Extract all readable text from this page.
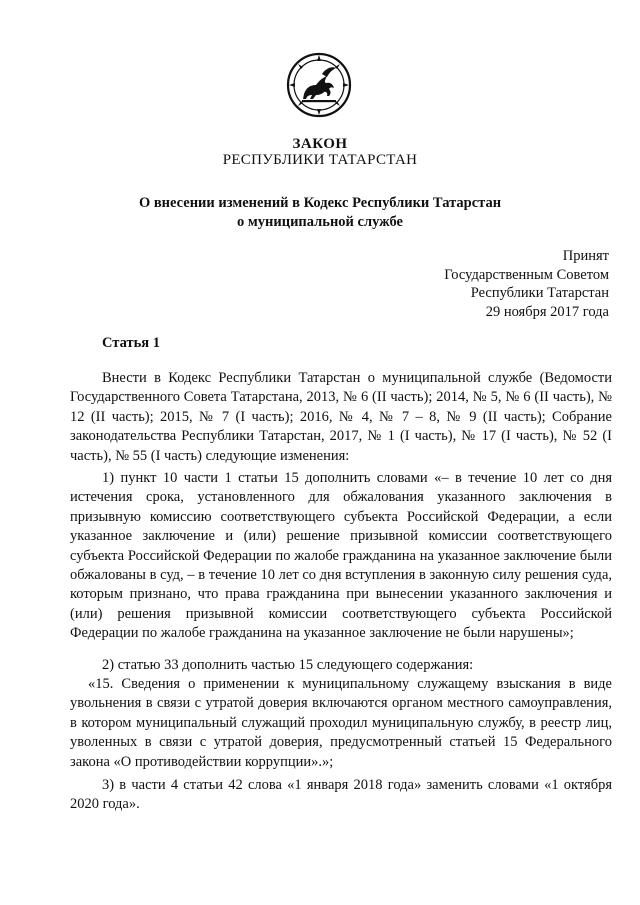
ЗАКОН
РЕСПУБЛИКИ ТАТАРСТАН
О внесении изменений в Кодекс Республики Татарстан
о муниципальной службе
Принят
Государственным Советом
Республики Татарстан
29 ноября 2017 года
Статья 1

Внести в Кодекс Республики Татарстан о муниципальной службе (Ведомости Государственного Совета Татарстана, 2013, № 6 (II часть); 2014, № 5, № 6 (II часть), № 12 (II часть); 2015, № 7 (I часть); 2016, № 4, № 7 – 8, № 9 (II часть); Собрание законодательства Республики Татарстан, 2017, № 1 (I часть), № 17 (I часть), № 52 (I часть), № 55 (I часть) следующие изменения:

1) пункт 10 части 1 статьи 15 дополнить словами «– в течение 10 лет со дня истечения срока, установленного для обжалования указанного заключения в призывную комиссию соответствующего субъекта Российской Федерации, а если указанное заключение и (или) решение призывной комиссии соответствующего субъекта Российской Федерации по жалобе гражданина на указанное заключение были обжалованы в суд, – в течение 10 лет со дня вступления в законную силу решения суда, которым признано, что права гражданина при вынесении указанного заключения и (или) решения призывной комиссии соответствующего субъекта Российской Федерации по жалобе гражданина на указанное заключение не были нарушены»;

2) статью 33 дополнить частью 15 следующего содержания:

«15. Сведения о применении к муниципальному служащему взыскания в виде увольнения в связи с утратой доверия включаются органом местного самоуправления, в котором муниципальный служащий проходил муниципальную службу, в реестр лиц, уволенных в связи с утратой доверия, предусмотренный статьей 15 Федерального закона «О противодействии коррупции».»;

3) в части 4 статьи 42 слова «1 января 2018 года» заменить словами «1 октября 2020 года».
